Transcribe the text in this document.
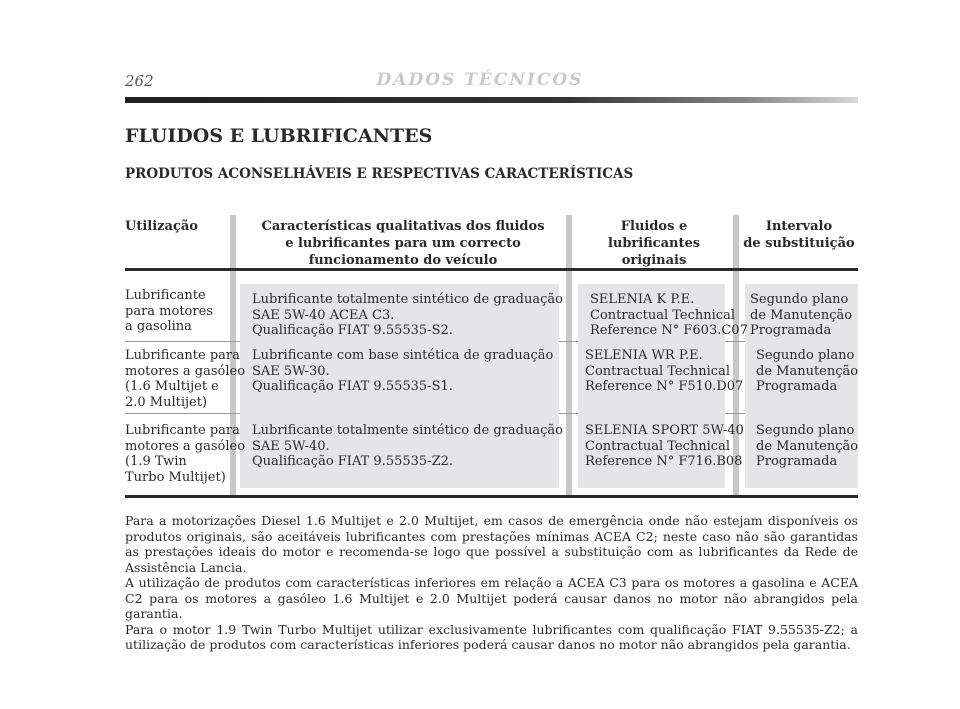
262	DADOS TÉCNICOS
FLUIDOS E LUBRIFICANTES
PRODUTOS ACONSELHÁVEIS E RESPECTIVAS CARACTERÍSTICAS
Utilização	Características qualitativas dos fluidos
e lubrificantes para um correcto
funcionamento do veículo
Fluidos e lubrificantes
originais
Intervalo
de substituição
Lubrificante
para motores
a gasolina
Lubrificante totalmente sintético de graduação
SAE 5W-40 ACEA C3.
Qualificação FIAT 9.55535-S2.
SELENIA K P.E.
Contractual Technical
Reference N° F603.C07
Segundo plano
de Manutenção
Programada
Lubrificante para
motores a gasóleo
(1.6 Multijet e
2.0 Multijet)
Lubrificante com base sintética de graduação
SAE 5W-30.
Qualificação FIAT 9.55535-S1.
SELENIA WR P.E.
Contractual Technical
Reference N° F510.D07
Segundo plano
de Manutenção
Programada
Lubrificante para
motores a gasóleo
(1.9 Twin
Turbo Multijet)
Lubrificante totalmente sintético de graduação
SAE 5W-40.
Qualificação FIAT 9.55535-Z2.
SELENIA SPORT 5W-40
Contractual Technical
Reference N° F716.B08
Segundo plano
de Manutenção
Programada

Para a motorizações Diesel 1.6 Multijet e 2.0 Multijet, em casos de emergência onde não estejam disponíveis os produtos originais, são aceitáveis lubrificantes com prestações mínimas ACEA C2; neste caso não são garantidas as prestações ideais do motor e recomenda-se logo que possível a substituição com as lubrificantes da Rede de Assistência Lancia.

A utilização de produtos com características inferiores em relação a ACEA C3 para os motores a gasolina e ACEA C2 para os motores a gasóleo 1.6 Multijet e 2.0 Multijet poderá causar danos no motor não abrangidos pela garantia.

Para o motor 1.9 Twin Turbo Multijet utilizar exclusivamente lubrificantes com qualificação FIAT 9.55535-Z2; a utilização de produtos com características inferiores poderá causar danos no motor não abrangidos pela garantia.
